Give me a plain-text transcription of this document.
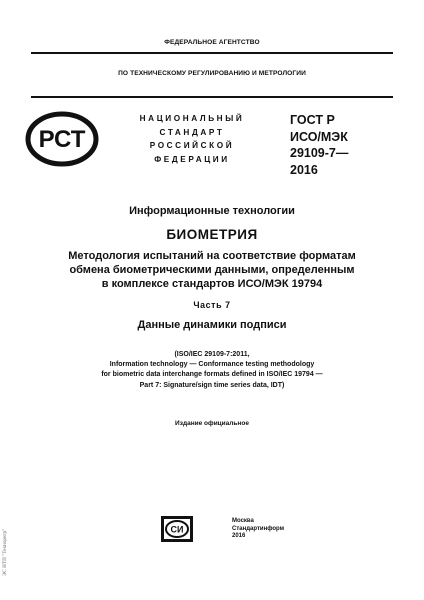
ФЕДЕРАЛЬНОЕ АГЕНТСТВО
ПО ТЕХНИЧЕСКОМУ РЕГУЛИРОВАНИЮ И МЕТРОЛОГИИ
РСТ
НАЦИОНАЛЬНЫЙ
СТАНДАРТ
РОССИЙСКОЙ
ФЕДЕРАЦИИ
ГОСТ Р
ИСО/МЭК
29109-7—
2016
Информационные технологии
БИОМЕТРИЯ
Методология испытаний на соответствие форматам
обмена биометрическими данными, определенным
в комплексе стандартов ИСО/МЭК 19794
Часть 7
Данные динамики подписи
(ISO/IEC 29109-7:2011,
Information technology — Conformance testing methodology
for biometric data interchange formats defined in ISO/IEC 19794 —
Part 7: Signature/sign time series data, IDT)
Издание официальное
СИ
Москва
Стандартинформ
2016
ЭС НТП "Технорегр"
